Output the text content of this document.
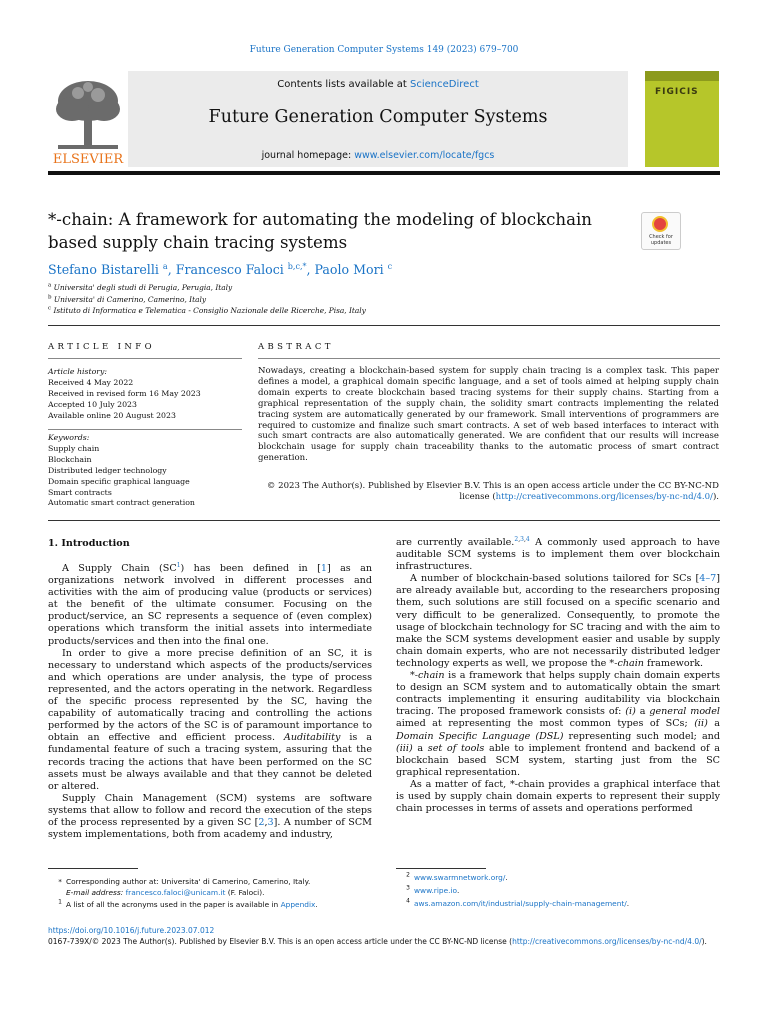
Future Generation Computer Systems 149 (2023) 679–700
ELSEVIER
Contents lists available at ScienceDirect
Future Generation Computer Systems
journal homepage: www.elsevier.com/locate/fgcs
FIGICIS
*-chain: A framework for automating the modeling of blockchain based supply chain tracing systems	Check for updates
Stefano Bistarelli $^a$, Francesco Faloci $^{b,c,*}$, Paolo Mori $^c$
$^a$ Universita' degli studi di Perugia, Perugia, Italy
$^b$ Universita' di Camerino, Camerino, Italy
$^c$ Istituto di Informatica e Telematica - Consiglio Nazionale delle Ricerche, Pisa, Italy
ARTICLE INFO	ABSTRACT
Article history:
Received 4 May 2022
Received in revised form 16 May 2023
Accepted 10 July 2023
Available online 20 August 2023
Keywords:
Supply chain
Blockchain
Distributed ledger technology
Domain specific graphical language
Smart contracts
Automatic smart contract generation
Nowadays, creating a blockchain-based system for supply chain tracing is a complex task. This paper defines a model, a graphical domain specific language, and a set of tools aimed at helping supply chain domain experts to create blockchain based tracing systems for their supply chains. Starting from a graphical representation of the supply chain, the solidity smart contracts implementing the related tracing system are automatically generated by our framework. Small interventions of programmers are required to customize and finalize such smart contracts. A set of web based interfaces to interact with such smart contracts are also automatically generated. We are confident that our results will increase blockchain usage for supply chain traceability thanks to the automatic process of smart contract generation.
© 2023 The Author(s). Published by Elsevier B.V. This is an open access article under the CC BY-NC-ND
license (http://creativecommons.org/licenses/by-nc-nd/4.0/).
1. Introduction

A Supply Chain $(SC^1)$ has been defined in [1] as an organizations network involved in different processes and activities with the aim of producing value (products or services) at the benefit of the ultimate consumer. Focusing on the product/service, an SC represents a sequence of (even complex) operations which transform the initial assets into intermediate products/services and then into the final one.

In order to give a more precise definition of an SC, it is necessary to understand which aspects of the products/services and which operations are under analysis, the type of process represented, and the actors operating in the network. Regardless of the specific process represented by the SC, having the capability of automatically tracing and controlling the actions performed by the actors of the SC is of paramount importance to obtain an effective and efficient process. Auditability is a fundamental feature of such a tracing system, assuring that the records tracing the actions that have been performed on the SC assets must be always available and that they cannot be deleted or altered.

Supply Chain Management (SCM) systems are software systems that allow to follow and record the execution of the steps of the process represented by a given SC [2,3]. A number of SCM system implementations, both from academy and industry,

are currently available.$^{2,3,4}$ A commonly used approach to have auditable SCM systems is to implement them over blockchain infrastructures.

A number of blockchain-based solutions tailored for SCs [4–7] are already available but, according to the researchers proposing them, such solutions are still focused on a specific scenario and very difficult to be generalized. Consequently, to promote the usage of blockchain technology for SC tracing and with the aim to make the SCM systems development easier and usable by supply chain domain experts, who are not necessarily distributed ledger technology experts as well, we propose the *-chain framework.

*-chain is a framework that helps supply chain domain experts to design an SCM system and to automatically obtain the smart contracts implementing it ensuring auditability via blockchain tracing. The proposed framework consists of: (i) a general model aimed at representing the most common types of SCs; (ii) a Domain Specific Language (DSL) representing such model; and (iii) a set of tools able to implement frontend and backend of a blockchain based SCM system, starting just from the SC graphical representation.

As a matter of fact, *-chain provides a graphical interface that is used by supply chain domain experts to represent their supply chain processes in terms of assets and operations performed

* Corresponding author at: Universita' di Camerino, Camerino, Italy.
E-mail address: francesco.faloci@unicam.it (F. Faloci).
$^1$ A list of all the acronyms used in the paper is available in Appendix.
$^2$ www.swarmnetwork.org/.
$^3$ www.ripe.io.
$^4$ aws.amazon.com/it/industrial/supply-chain-management/.
https://doi.org/10.1016/j.future.2023.07.012
0167-739X/© 2023 The Author(s). Published by Elsevier B.V. This is an open access article under the CC BY-NC-ND license (http://creativecommons.org/licenses/by-nc-nd/4.0/).
